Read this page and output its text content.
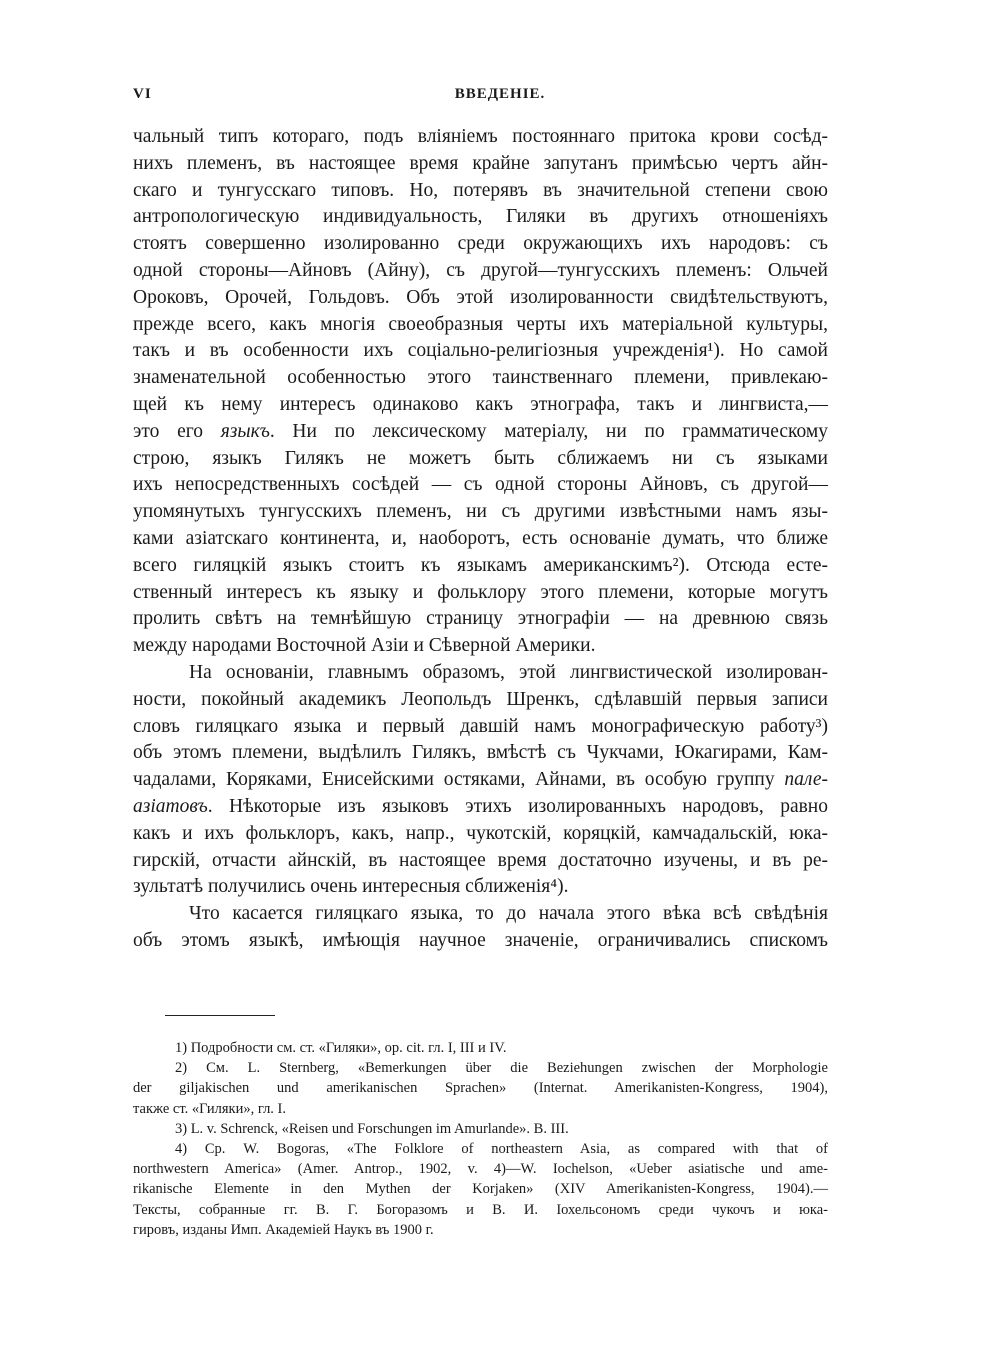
VI	ВВЕДЕНІЕ.
чальный типъ котораго, подъ вліяніемъ постояннаго притока крови сосѣд-
нихъ племенъ, въ настоящее время крайне запутанъ примѣсью чертъ айн-
скаго и тунгусскаго типовъ. Но, потерявъ въ значительной степени свою
антропологическую индивидуальность, Гиляки въ другихъ отношеніяхъ
стоятъ совершенно изолированно среди окружающихъ ихъ народовъ: съ
одной стороны—Айновъ (Айну), съ другой—тунгусскихъ племенъ: Ольчей
Ороковъ, Орочей, Гольдовъ. Объ этой изолированности свидѣтельствуютъ,
прежде всего, какъ многія своеобразныя черты ихъ матеріальной культуры,
такъ и въ особенности ихъ соціально-религіозныя учрежденія¹). Но самой
знаменательной особенностью этого таинственнаго племени, привлекаю-
щей къ нему интересъ одинаково какъ этнографа, такъ и лингвиста,—
это его языкъ. Ни по лексическому матеріалу, ни по грамматическому
строю, языкъ Гилякъ не можетъ быть сближаемъ ни съ языками
ихъ непосредственныхъ сосѣдей — съ одной стороны Айновъ, съ другой—
упомянутыхъ тунгусскихъ племенъ, ни съ другими извѣстными намъ язы-
ками азіатскаго континента, и, наоборотъ, есть основаніе думать, что ближе
всего гиляцкій языкъ стоитъ къ языкамъ американскимъ²). Отсюда есте-
ственный интересъ къ языку и фольклору этого племени, которые могутъ
пролить свѣтъ на темнѣйшую страницу этнографіи — на древнюю связь
между народами Восточной Азіи и Сѣверной Америки.
На основаніи, главнымъ образомъ, этой лингвистической изолирован-
ности, покойный академикъ Леопольдъ Шренкъ, сдѣлавшій первыя записи
словъ гиляцкаго языка и первый давшій намъ монографическую работу³)
объ этомъ племени, выдѣлилъ Гилякъ, вмѣстѣ съ Чукчами, Юкагирами, Кам-
чадалами, Коряками, Енисейскими остяками, Айнами, въ особую группу пале-
азіатовъ. Нѣкоторые изъ языковъ этихъ изолированныхъ народовъ, равно
какъ и ихъ фольклоръ, какъ, напр., чукотскій, коряцкій, камчадальскій, юка-
гирскій, отчасти айнскій, въ настоящее время достаточно изучены, и въ ре-
зультатѣ получились очень интересныя сближенія⁴).
Что касается гиляцкаго языка, то до начала этого вѣка всѣ свѣдѣнія
объ этомъ языкѣ, имѣющія научное значеніе, ограничивались спискомъ
1) Подробности см. ст. «Гиляки», op. cit. гл. I, III и IV.
2) См. L. Sternberg, «Bemerkungen über die Beziehungen zwischen der Morphologie
der giljakischen und amerikanischen Sprachen» (Internat. Amerikanisten-Kongress, 1904),
также ст. «Гиляки», гл. I.
3) L. v. Schrenck, «Reisen und Forschungen im Amurlande». B. III.
4) Ср. W. Bogoras, «The Folklore of northeastern Asia, as compared with that of
northwestern America» (Amer. Antrop., 1902, v. 4)—W. Iochelson, «Ueber asiatische und ame-
rikanische Elemente in den Mythen der Korjaken» (XIV Amerikanisten-Kongress, 1904).—
Тексты, собранные гг. В. Г. Богоразомъ и В. И. Іохельсономъ среди чукочъ и юка-
гировъ, изданы Имп. Академіей Наукъ въ 1900 г.
